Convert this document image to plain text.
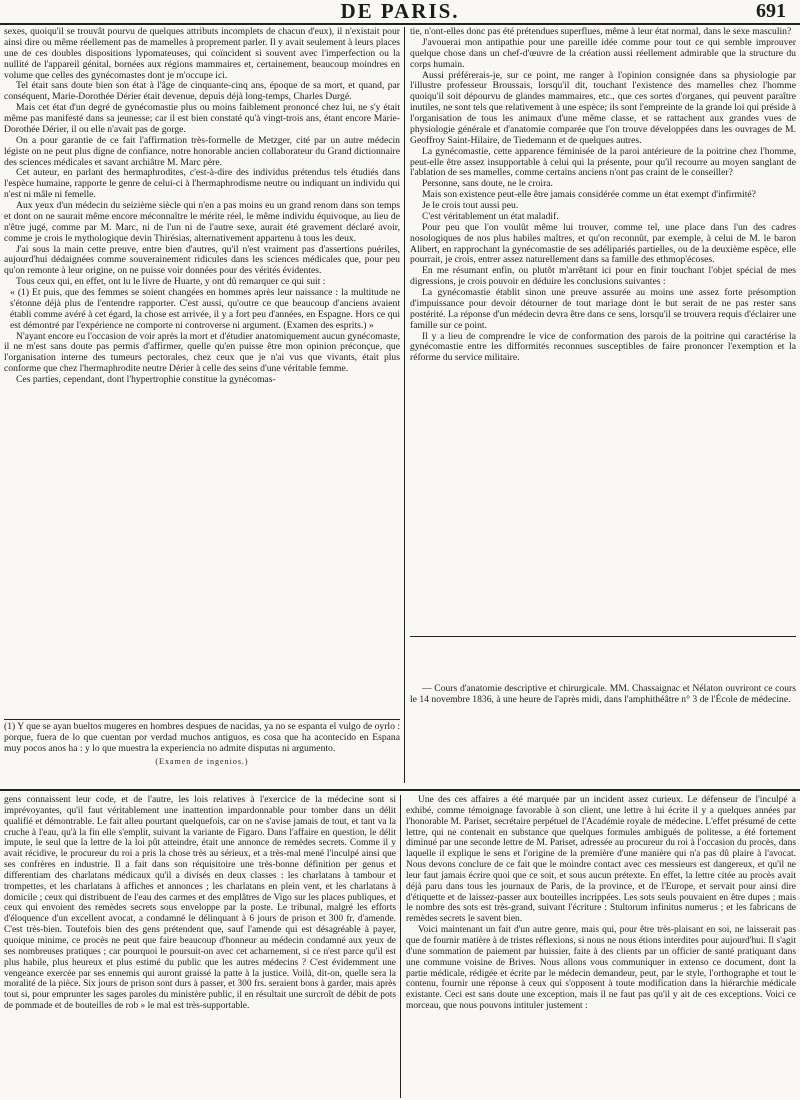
DE PARIS.	691

sexes, quoiqu'il se trouvât pourvu de quelques attributs incomplets de chacun d'eux), il n'existait pour ainsi dire ou même réellement pas de mamelles à proprement parler. Il y avait seulement à leurs places une de ces doubles dispositions lypomateuses, qui coïncident si souvent avec l'imperfection ou la nullité de l'appareil génital, bornées aux régions mammaires et, certainement, beaucoup moindres en volume que celles des gynécomastes dont je m'occupe ici.

Tel était sans doute bien son état à l'âge de cinquante-cinq ans, époque de sa mort, et quand, par conséquent, Marie-Dorothée Dérier était devenue, depuis déjà long-temps, Charles Durgé.

Mais cet état d'un degré de gynécomastie plus ou moins faiblement prononcé chez lui, ne s'y était même pas manifesté dans sa jeunesse; car il est bien constaté qu'à vingt-trois ans, étant encore Marie-Dorothée Dérier, il ou elle n'avait pas de gorge.

On a pour garantie de ce fait l'affirmation très-formelle de Metzger, cité par un autre médecin légiste on ne peut plus digne de confiance, notre honorable ancien collaborateur du Grand dictionnaire des sciences médicales et savant archiâtre M. Marc père.

Cet auteur, en parlant des hermaphrodites, c'est-à-dire des individus prétendus tels étudiés dans l'espèce humaine, rapporte le genre de celui-ci à l'hermaphrodisme neutre ou indiquant un individu qui n'est ni mâle ni femelle.

Aux yeux d'un médecin du seizième siècle qui n'en a pas moins eu un grand renom dans son temps et dont on ne saurait même encore méconnaître le mérite réel, le même individu équivoque, au lieu de n'être jugé, comme par M. Marc, ni de l'un ni de l'autre sexe, aurait été gravement déclaré avoir, comme je crois le mythologique devin Thirésias, alternativement appartenu à tous les deux.

J'ai sous la main cette preuve, entre bien d'autres, qu'il n'est vraiment pas d'assertions puériles, aujourd'hui dédaignées comme souverainement ridicules dans les sciences médicales que, pour peu qu'on remonte à leur origine, on ne puisse voir données pour des vérités évidentes.

Tous ceux qui, en effet, ont lu le livre de Huarte, y ont dû remarquer ce qui suit :

« (1) Et puis, que des femmes se soient changées en hommes après leur naissance : la multitude ne s'étonne déjà plus de l'entendre rapporter. C'est aussi, qu'outre ce que beaucoup d'anciens avaient établi comme avéré à cet égard, la chose est arrivée, il y a fort peu d'années, en Espagne. Hors ce qui est démontré par l'expérience ne comporte ni controverse ni argument. (Examen des esprits.) »

N'ayant encore eu l'occasion de voir après la mort et d'étudier anatomiquement aucun gynécomaste, il ne m'est sans doute pas permis d'affirmer, quelle qu'en puisse être mon opinion préconçue, que l'organisation interne des tumeurs pectorales, chez ceux que je n'ai vus que vivants, était plus conforme que chez l'hermaphrodite neutre Dérier à celle des seins d'une véritable femme.

Ces parties, cependant, dont l'hypertrophie constitue la gynécomas-

(1) Y que se ayan bueltos mugeres en hombres despues de nacidas, ya no se espanta el vulgo de oyrlo : porque, fuera de lo que cuentan por verdad muchos antiguos, es cosa que ha acontecido en Espana muy pocos anos ha : y lo que muestra la experiencia no admite disputas ni argumento.

(Examen de ingenios.)

tie, n'ont-elles donc pas été prétendues superflues, même à leur état normal, dans le sexe masculin?

J'avouerai mon antipathie pour une pareille idée comme pour tout ce qui semble improuver quelque chose dans un chef-d'œuvre de la création aussi réellement admirable que la structure du corps humain.

Aussi préférerais-je, sur ce point, me ranger à l'opinion consignée dans sa physiologie par l'illustre professeur Broussais, lorsqu'il dit, touchant l'existence des mamelles chez l'homme quoiqu'il soit dépourvu de glandes mammaires, etc., que ces sortes d'organes, qui peuvent paraître inutiles, ne sont tels que relativement à une espèce; ils sont l'empreinte de la grande loi qui préside à l'organisation de tous les animaux d'une même classe, et se rattachent aux grandes vues de physiologie générale et d'anatomie comparée que l'on trouve développées dans les ouvrages de M. Geoffroy Saint-Hilaire, de Tiedemann et de quelques autres.

La gynécomastie, cette apparence féminisée de la paroi antérieure de la poitrine chez l'homme, peut-elle être assez insupportable à celui qui la présente, pour qu'il recourre au moyen sanglant de l'ablation de ses mamelles, comme certains anciens n'ont pas craint de le conseiller?

Personne, sans doute, ne le croira.

Mais son existence peut-elle être jamais considérée comme un état exempt d'infirmité?

Je le crois tout aussi peu.

C'est véritablement un état maladif.

Pour peu que l'on voulût même lui trouver, comme tel, une place dans l'un des cadres nosologiques de nos plus habiles maîtres, et qu'on reconnût, par exemple, à celui de M. le baron Alibert, en rapprochant la gynécomastie de ses adélipariés partielles, ou de la deuxième espèce, elle pourrait, je crois, entrer assez naturellement dans sa famille des ethmop'écoses.

En me résumant enfin, ou plutôt m'arrêtant ici pour en finir touchant l'objet spécial de mes digressions, je crois pouvoir en déduire les conclusions suivantes :

La gynécomastie établit sinon une preuve assurée au moins une assez forte présomption d'impuissance pour devoir détourner de tout mariage dont le but serait de ne pas rester sans postérité. La réponse d'un médecin devra être dans ce sens, lorsqu'il se trouvera requis d'éclairer une famille sur ce point.

Il y a lieu de comprendre le vice de conformation des parois de la poitrine qui caractérise la gynécomastie entre les difformités reconnues susceptibles de faire prononcer l'exemption et la réforme du service militaire.

— Cours d'anatomie descriptive et chirurgicale. MM. Chassaignac et Nélaton ouvriront ce cours le 14 novembre 1836, à une heure de l'après midi, dans l'amphithéâtre n° 3 de l'École de médecine.

gens connaissent leur code, et de l'autre, les lois relatives à l'exercice de la médecine sont si imprévoyantes, qu'il faut véritablement une inattention impardonnable pour tomber dans un délit qualifié et démontrable. Le fait alleu pourtant quelquefois, car on ne s'avise jamais de tout, et tant va la cruche à l'eau, qu'à la fin elle s'emplit, suivant la variante de Figaro. Dans l'affaire en question, le délit impute, le seul que la lettre de la loi pût atteindre, était une annonce de remèdes secrets. Comme il y avait récidive, le procureur du roi a pris la chose très au sérieux, et a très-mal mené l'inculpé ainsi que ses confrères en industrie. Il a fait dans son réquisitoire une très-bonne définition per genus et differentiam des charlatans médicaux qu'il a divisés en deux classes : les charlatans à tambour et trompettes, et les charlatans à affiches et annonces ; les charlatans en plein vent, et les charlatans à domicile ; ceux qui distribuent de l'eau des carmes et des emplâtres de Vigo sur les places publiques, et ceux qui envoient des remèdes secrets sous enveloppe par la poste. Le tribunal, malgré les efforts d'éloquence d'un excellent avocat, a condamné le délinquant à 6 jours de prison et 300 fr. d'amende. C'est très-bien. Toutefois bien des gens prétendent que, sauf l'amende qui est désagréable à payer, quoique minime, ce procès ne peut que faire beaucoup d'honneur au médecin condamné aux yeux de ses nombreuses pratiques ; car pourquoi le poursuit-on avec cet acharnement, si ce n'est parce qu'il est plus habile, plus heureux et plus estimé du public que les autres médecins ? C'est évidemment une vengeance exercée par ses ennemis qui auront graissé la patte à la justice. Voilà, dit-on, quelle sera la moralité de la pièce. Six jours de prison sont durs à passer, et 300 frs. seraient bons à garder, mais après tout si, pour emprunter les sages paroles du ministère public, il en résultait une surcroît de débit de pots de pommade et de bouteilles de rob » le mal est très-supportable.

Une des ces affaires a été marquée par un incident assez curieux. Le défenseur de l'inculpé a exhibé, comme témoignage favorable à son client, une lettre à lui écrite il y a quelques années par l'honorable M. Pariset, secrétaire perpétuel de l'Académie royale de médecine. L'effet présumé de cette lettre, qui ne contenait en substance que quelques formules ambiguës de politesse, a été fortement diminué par une seconde lettre de M. Pariset, adressée au procureur du roi à l'occasion du procès, dans laquelle il explique le sens et l'origine de la première d'une manière qui n'a pas dû plaire à l'avocat. Nous devons conclure de ce fait que le moindre contact avec ces messieurs est dangereux, et qu'il ne leur faut jamais écrire quoi que ce soit, et sous aucun prétexte. En effet, la lettre citée au procès avait déjà paru dans tous les journaux de Paris, de la province, et de l'Europe, et servait pour ainsi dire d'étiquette et de laissez-passer aux bouteilles incrippées. Les sots seuls pouvaient en être dupes ; mais le nombre des sots est très-grand, suivant l'écriture : Stultorum infinitus numerus ; et les fabricans de remèdes secrets le savent bien.

Voici maintenant un fait d'un autre genre, mais qui, pour être très-plaisant en soi, ne laisserait pas que de fournir matière à de tristes réflexions, si nous ne nous étions interdites pour aujourd'hui. Il s'agit d'une sommation de paiement par huissier, faite à des clients par un officier de santé pratiquant dans une commune voisine de Brives. Nous allons vous communiquer in extenso ce document, dont la partie médicale, rédigée et écrite par le médecin demandeur, peut, par le style, l'orthographe et tout le contenu, fournir une réponse à ceux qui s'opposent à toute modification dans la hiérarchie médicale existante. Ceci est sans doute une exception, mais il ne faut pas qu'il y ait de ces exceptions. Voici ce morceau, que nous pouvons intituler justement :
